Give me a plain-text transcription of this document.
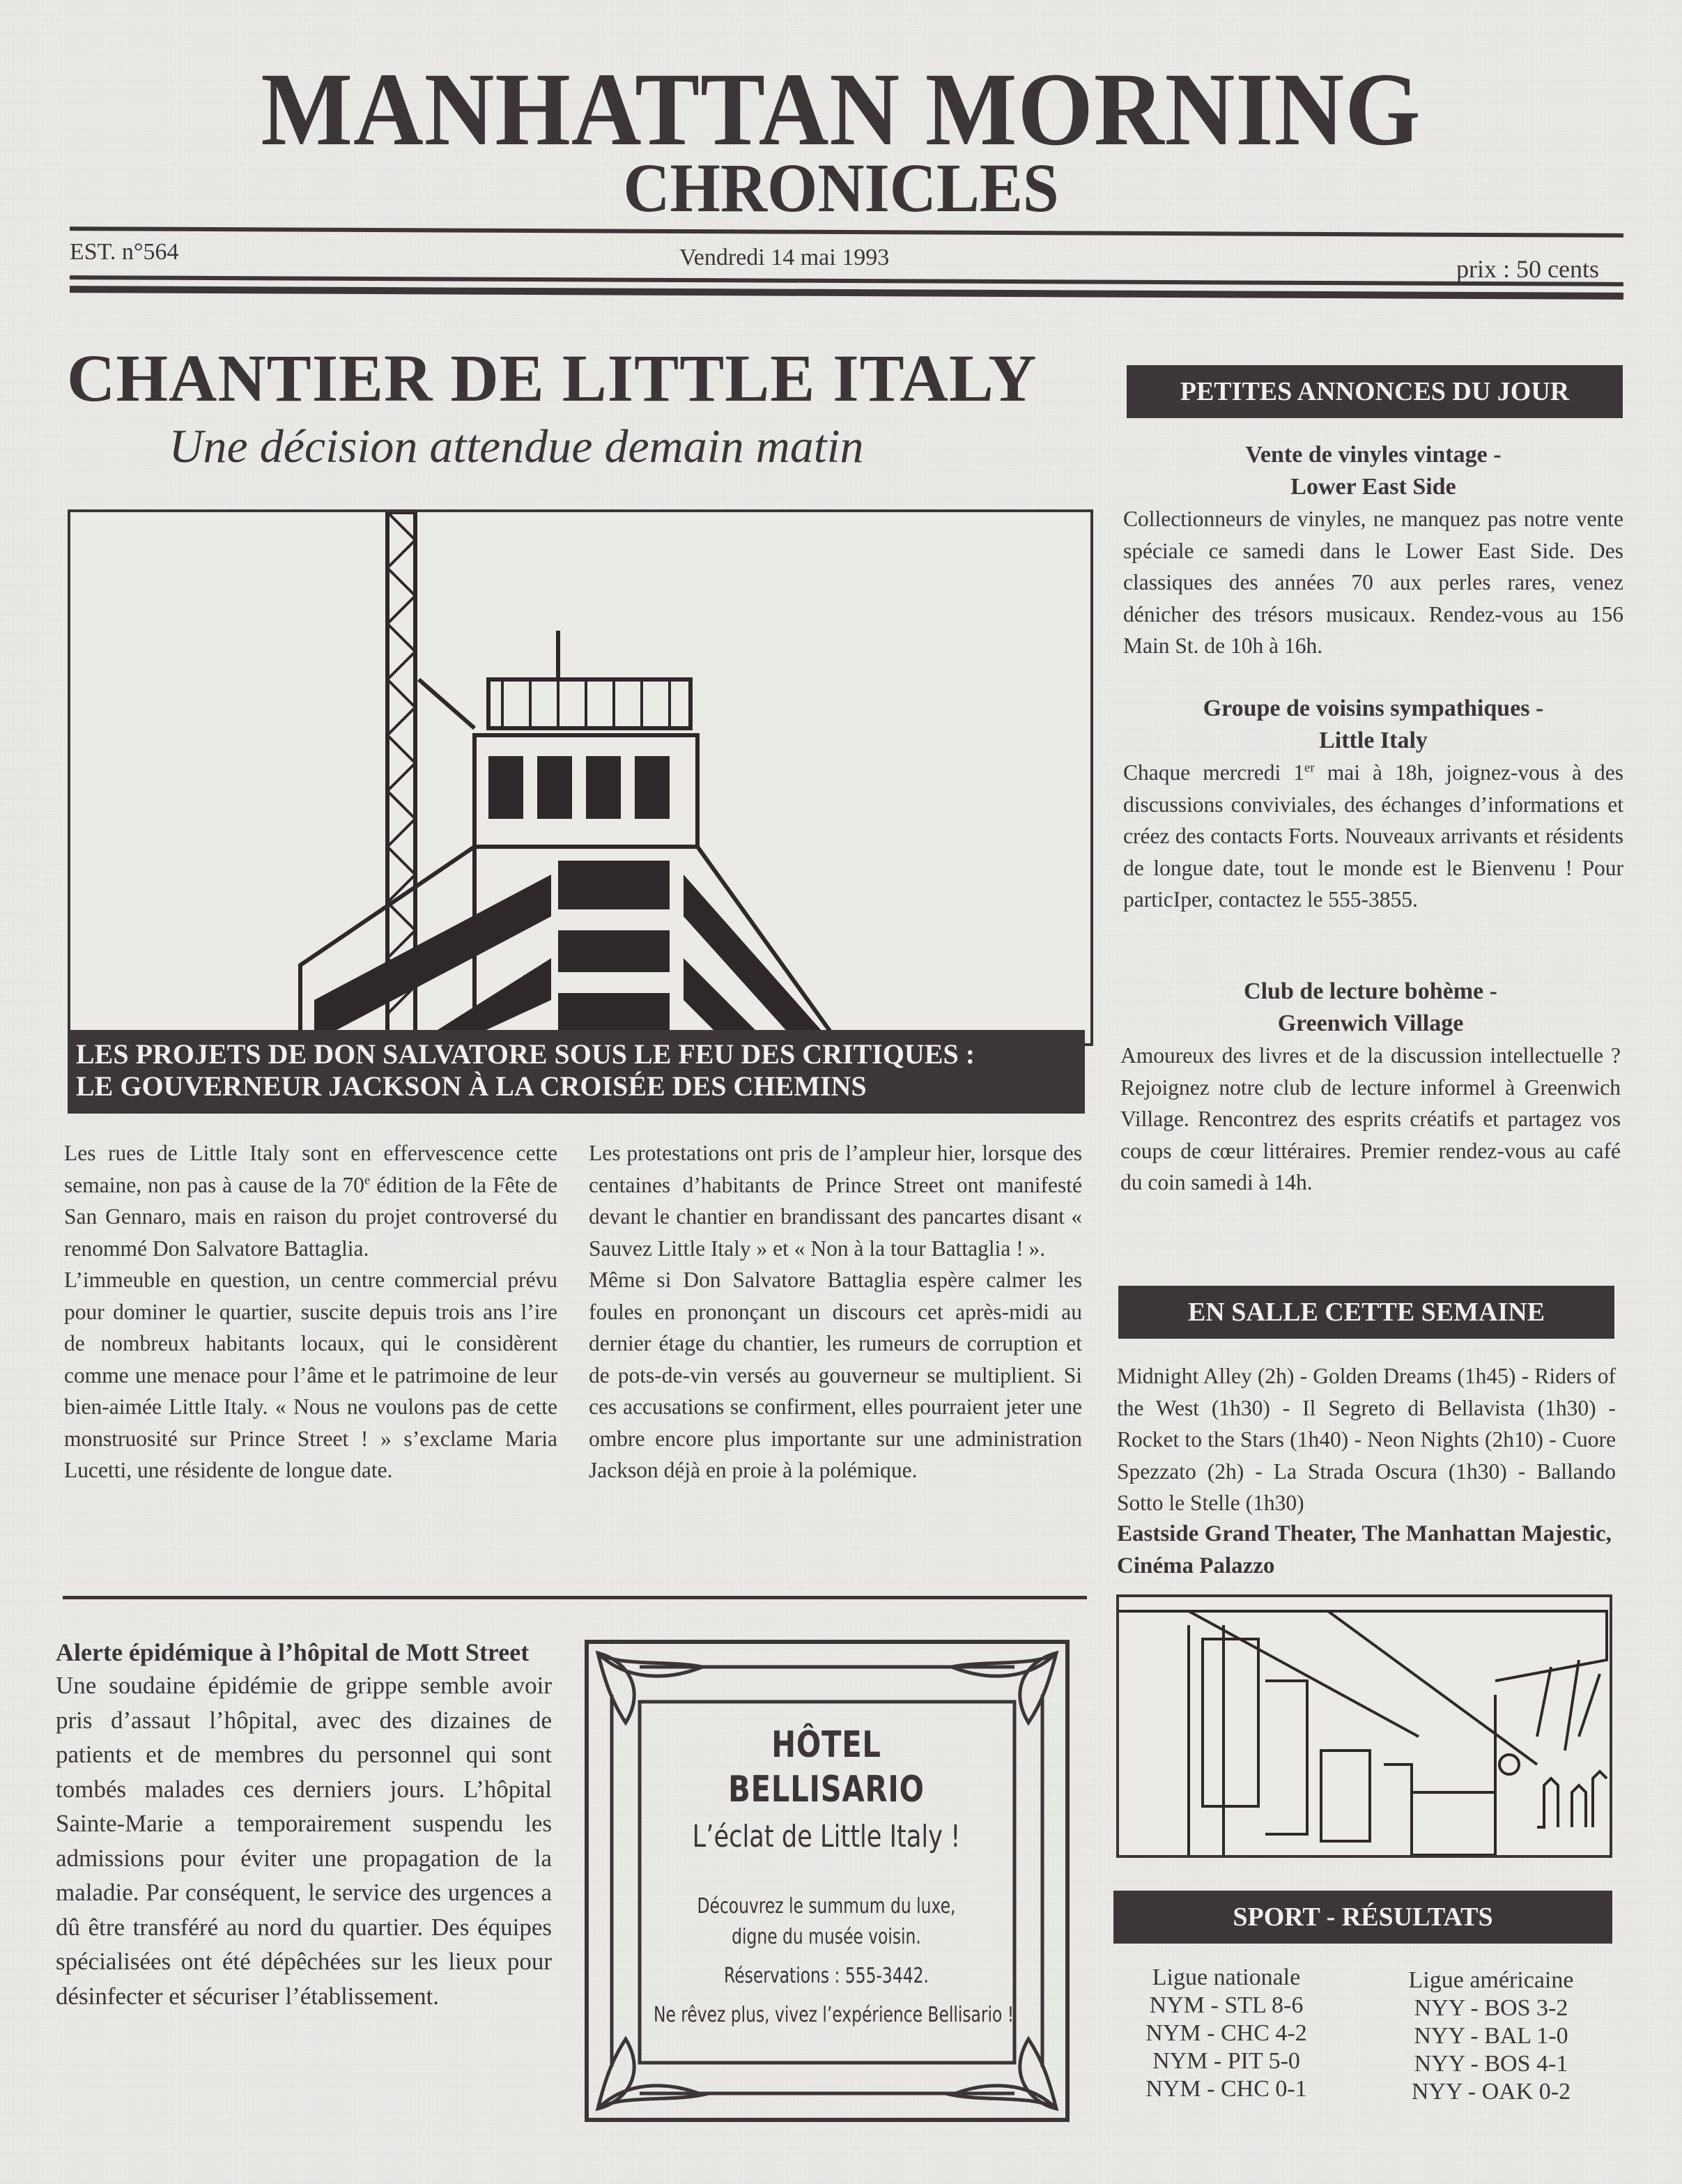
MANHATTAN MORNING
CHRONICLES
EST. n°564	Vendredi 14 mai 1993	prix : 50 cents
CHANTIER DE LITTLE ITALY
Une décision attendue demain matin
LES PROJETS DE DON SALVATORE SOUS LE FEU DES CRITIQUES :
LE GOUVERNEUR JACKSON À LA CROISÉE DES CHEMINS

Les rues de Little Italy sont en effervescence cette semaine, non pas à cause de la 70e édition de la Fête de San Gennaro, mais en raison du projet controversé du renommé Don Salvatore Battaglia.

L’immeuble en question, un centre commercial prévu pour dominer le quartier, suscite depuis trois ans l’ire de nombreux habitants locaux, qui le considèrent comme une menace pour l’âme et le patrimoine de leur bien-aimée Little Italy. « Nous ne voulons pas de cette monstruosité sur Prince Street ! » s’exclame Maria Lucetti, une résidente de longue date.

Les protestations ont pris de l’ampleur hier, lorsque des centaines d’habitants de Prince Street ont manifesté devant le chantier en brandissant des pancartes disant « Sauvez Little Italy » et « Non à la tour Battaglia ! ».

Même si Don Salvatore Battaglia espère calmer les foules en prononçant un discours cet après-midi au dernier étage du chantier, les rumeurs de corruption et de pots-de-vin versés au gouverneur se multiplient. Si ces accusations se confirment, elles pourraient jeter une ombre encore plus importante sur une administration Jackson déjà en proie à la polémique.

PETITES ANNONCES DU JOUR
Vente de vinyles vintage -
Lower East Side
Collectionneurs de vinyles, ne manquez pas notre vente spéciale ce samedi dans le Lower East Side. Des classiques des années 70 aux perles rares, venez dénicher des trésors musicaux. Rendez-vous au 156 Main St. de 10h à 16h.
Groupe de voisins sympathiques -
Little Italy
Chaque mercredi 1er mai à 18h, joignez-vous à des discussions conviviales, des échanges d’informations et créez des contacts Forts. Nouveaux arrivants et résidents de longue date, tout le monde est le Bienvenu ! Pour particIper, contactez le 555-3855.
Club de lecture bohème -
Greenwich Village
Amoureux des livres et de la discussion intellectuelle ? Rejoignez notre club de lecture informel à Greenwich Village. Rencontrez des esprits créatifs et partagez vos coups de cœur littéraires. Premier rendez-vous au café du coin samedi à 14h.
EN SALLE CETTE SEMAINE
Midnight Alley (2h) - Golden Dreams (1h45) - Riders of the West (1h30) - Il Segreto di Bellavista (1h30) - Rocket to the Stars (1h40) - Neon Nights (2h10) - Cuore Spezzato (2h) - La Strada Oscura (1h30) - Ballando Sotto le Stelle (1h30)
Eastside Grand Theater, The Manhattan Majestic, Cinéma Palazzo
SPORT - RÉSULTATS
Ligue nationale
NYM - STL 8-6
NYM - CHC 4-2
NYM - PIT 5-0
NYM - CHC 0-1
Ligue américaine
NYY - BOS 3-2
NYY - BAL 1-0
NYY - BOS 4-1
NYY - OAK 0-2
Alerte épidémique à l’hôpital de Mott Street
Une soudaine épidémie de grippe semble avoir pris d’assaut l’hôpital, avec des dizaines de patients et de membres du personnel qui sont tombés malades ces derniers jours. L’hôpital Sainte-Marie a temporairement suspendu les admissions pour éviter une propagation de la maladie. Par conséquent, le service des urgences a dû être transféré au nord du quartier. Des équipes spécialisées ont été dépêchées sur les lieux pour désinfecter et sécuriser l’établissement.
HÔTEL BELLISARIO
L’éclat de Little Italy !
Découvrez le summum du luxe,
digne du musée voisin.
Réservations : 555-3442.
Ne rêvez plus, vivez l’expérience Bellisario !
